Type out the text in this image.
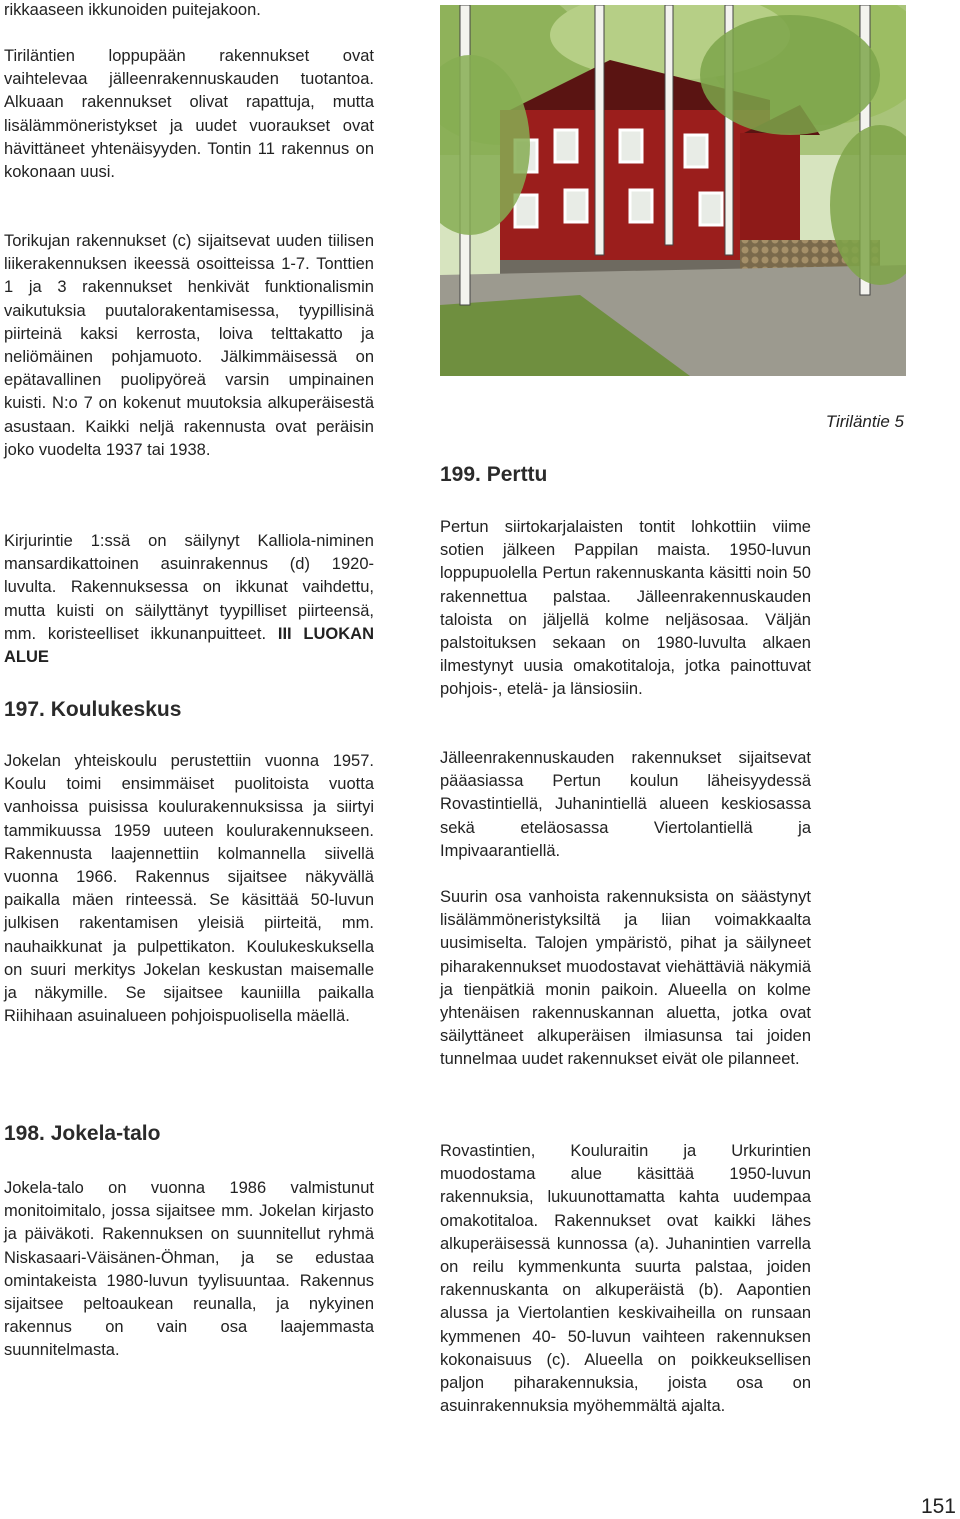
rikkaaseen ikkunoiden puitejakoon.

Tiriläntien loppupään rakennukset ovat vaihtelevaa jälleenrakennuskauden tuotantoa. Alkuaan rakennukset olivat rapattuja, mutta lisälämmöneristykset ja uudet vuoraukset ovat hävittäneet yhtenäisyyden. Tontin 11 rakennus on kokonaan uusi.

Torikujan rakennukset (c) sijaitsevat uuden tiilisen liikerakennuksen ikeessä osoitteissa 1-7. Tonttien 1 ja 3 rakennukset henkivät funktionalismin vaikutuksia puutalorakentamisessa, tyypillisinä piirteinä kaksi kerrosta, loiva telttakatto ja neliömäinen pohjamuoto. Jälkimmäisessä on epätavallinen puolipyöreä varsin umpinainen kuisti. N:o 7 on kokenut muutoksia alkuperäisestä asustaan. Kaikki neljä rakennusta ovat peräisin joko vuodelta 1937 tai 1938.

Kirjurintie 1:ssä on säilynyt Kalliola-niminen mansardikattoinen asuinrakennus (d) 1920-luvulta. Rakennuksessa on ikkunat vaihdettu, mutta kuisti on säilyttänyt tyypilliset piirteensä, mm. koristeelliset ikkunanpuitteet. III LUOKAN ALUE

197. Koulukeskus

Jokelan yhteiskoulu perustettiin vuonna 1957. Koulu toimi ensimmäiset puolitoista vuotta vanhoissa puisissa koulurakennuksissa ja siirtyi tammikuussa 1959 uuteen koulurakennukseen. Rakennusta laajennettiin kolmannella siivellä vuonna 1966. Rakennus sijaitsee näkyvällä paikalla mäen rinteessä. Se käsittää 50-luvun julkisen rakentamisen yleisiä piirteitä, mm. nauhaikkunat ja pulpettikaton. Koulukeskuksella on suuri merkitys Jokelan keskustan maisemalle ja näkymille. Se sijaitsee kauniilla paikalla Riihihaan asuinalueen pohjoispuolisella mäellä.

198. Jokela-talo

Jokela-talo on vuonna 1986 valmistunut monitoimitalo, jossa sijaitsee mm. Jokelan kirjasto ja päiväkoti. Rakennuksen on suunnitellut ryhmä Niskasaari-Väisänen-Öhman, ja se edustaa omintakeista 1980-luvun tyylisuuntaa. Rakennus sijaitsee peltoaukean reunalla, ja nykyinen rakennus on vain osa laajemmasta suunnitelmasta.

Tiriläntie 5
199. Perttu

Pertun siirtokarjalaisten tontit lohkottiin viime sotien jälkeen Pappilan maista. 1950-luvun loppupuolella Pertun rakennuskanta käsitti noin 50 rakennettua palstaa. Jälleenrakennuskauden taloista on jäljellä kolme neljäsosaa. Väljän palstoituksen sekaan on 1980-luvulta alkaen ilmestynyt uusia omakotitaloja, jotka painottuvat pohjois-, etelä- ja länsiosiin.

Jälleenrakennuskauden rakennukset sijaitsevat pääasiassa Pertun koulun läheisyydessä Rovastintiellä, Juhanintiellä alueen keskiosassa sekä eteläosassa Viertolantiellä ja Impivaarantiellä.

Suurin osa vanhoista rakennuksista on säästynyt lisälämmöneristyksiltä ja liian voimakkaalta uusimiselta. Talojen ympäristö, pihat ja säilyneet piharakennukset muodostavat viehättäviä näkymiä ja tienpätkiä monin paikoin. Alueella on kolme yhtenäisen rakennuskannan aluetta, jotka ovat säilyttäneet alkuperäisen ilmiasunsa tai joiden tunnelmaa uudet rakennukset eivät ole pilanneet.

Rovastintien, Kouluraitin ja Urkurintien muodostama alue käsittää 1950-luvun rakennuksia, lukuunottamatta kahta uudempaa omakotitaloa. Rakennukset ovat kaikki lähes alkuperäisessä kunnossa (a). Juhanintien varrella on reilu kymmenkunta suurta palstaa, joiden rakennuskanta on alkuperäistä (b). Aapontien alussa ja Viertolantien keskivaiheilla on runsaan kymmenen 40- 50-luvun vaihteen rakennuksen kokonaisuus (c). Alueella on poikkeuksellisen paljon piharakennuksia, joista osa on asuinrakennuksia myöhemmältä ajalta.

151
